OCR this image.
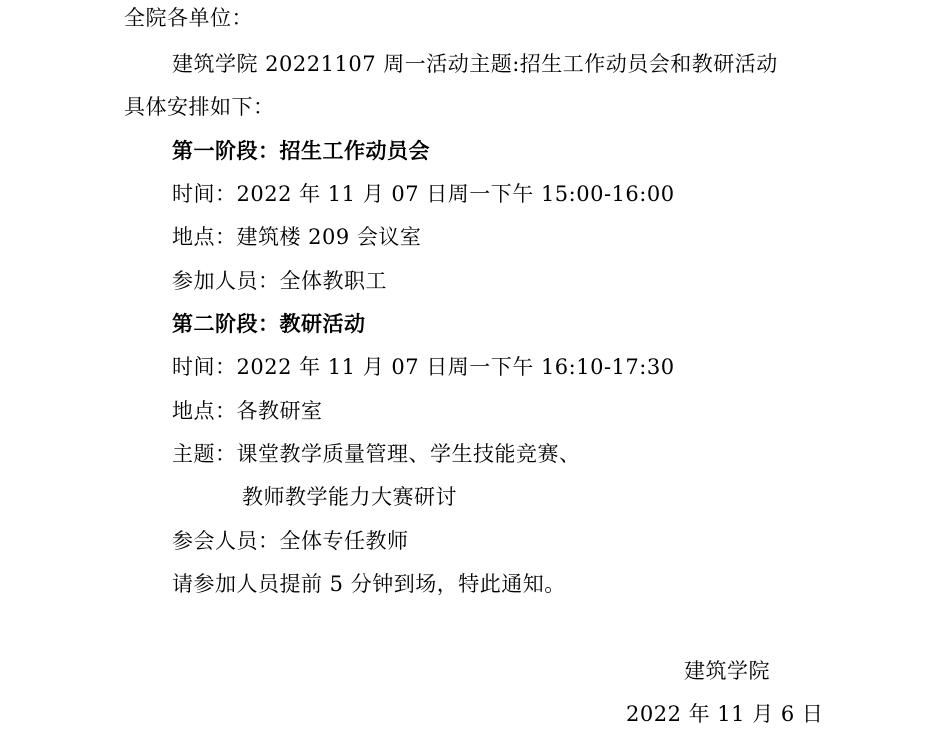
全院各单位：
建筑学院 20221107 周一活动主题:招生工作动员会和教研活动
具体安排如下：
第一阶段：招生工作动员会
时间：2022 年 11 月 07 日周一下午 15:00-16:00
地点：建筑楼 209 会议室
参加人员：全体教职工
第二阶段：教研活动
时间：2022 年 11 月 07 日周一下午 16:10-17:30
地点：各教研室
主题：课堂教学质量管理、学生技能竞赛、
教师教学能力大赛研讨
参会人员：全体专任教师
请参加人员提前 5 分钟到场，特此通知。
建筑学院
2022 年 11 月 6 日
